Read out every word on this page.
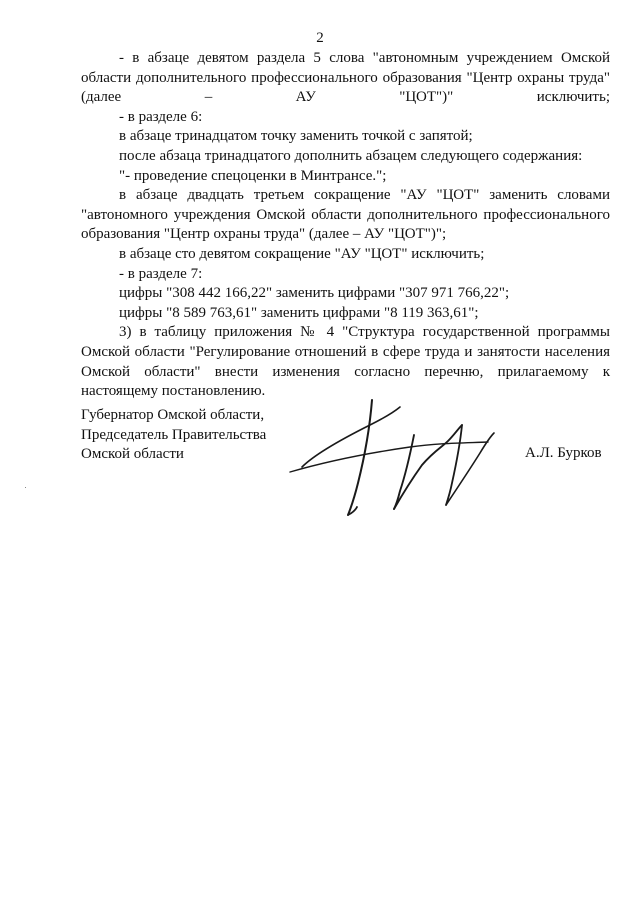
2

- в абзаце девятом раздела 5 слова "автономным учреждением Омской области дополнительного профессионального образования "Центр охраны труда" (далее – АУ "ЦОТ")" исключить;

- в разделе 6:

в абзаце тринадцатом точку заменить точкой с запятой;

после абзаца тринадцатого дополнить абзацем следующего содержания:

"- проведение спецоценки в Минтрансе.";

в абзаце двадцать третьем сокращение "АУ "ЦОТ" заменить словами "автономного учреждения Омской области дополнительного профессионального образования "Центр охраны труда" (далее – АУ "ЦОТ")";

в абзаце сто девятом сокращение "АУ "ЦОТ" исключить;

- в разделе 7:

цифры "308 442 166,22" заменить цифрами "307 971 766,22";

цифры "8 589 763,61" заменить цифрами "8 119 363,61";

3) в таблицу приложения № 4 "Структура государственной программы Омской области "Регулирование отношений в сфере труда и занятости населения Омской области" внести изменения согласно перечню, прилагаемому к настоящему постановлению.

Губернатор Омской области,
Председатель Правительства
Омской области	А.Л. Бурков
